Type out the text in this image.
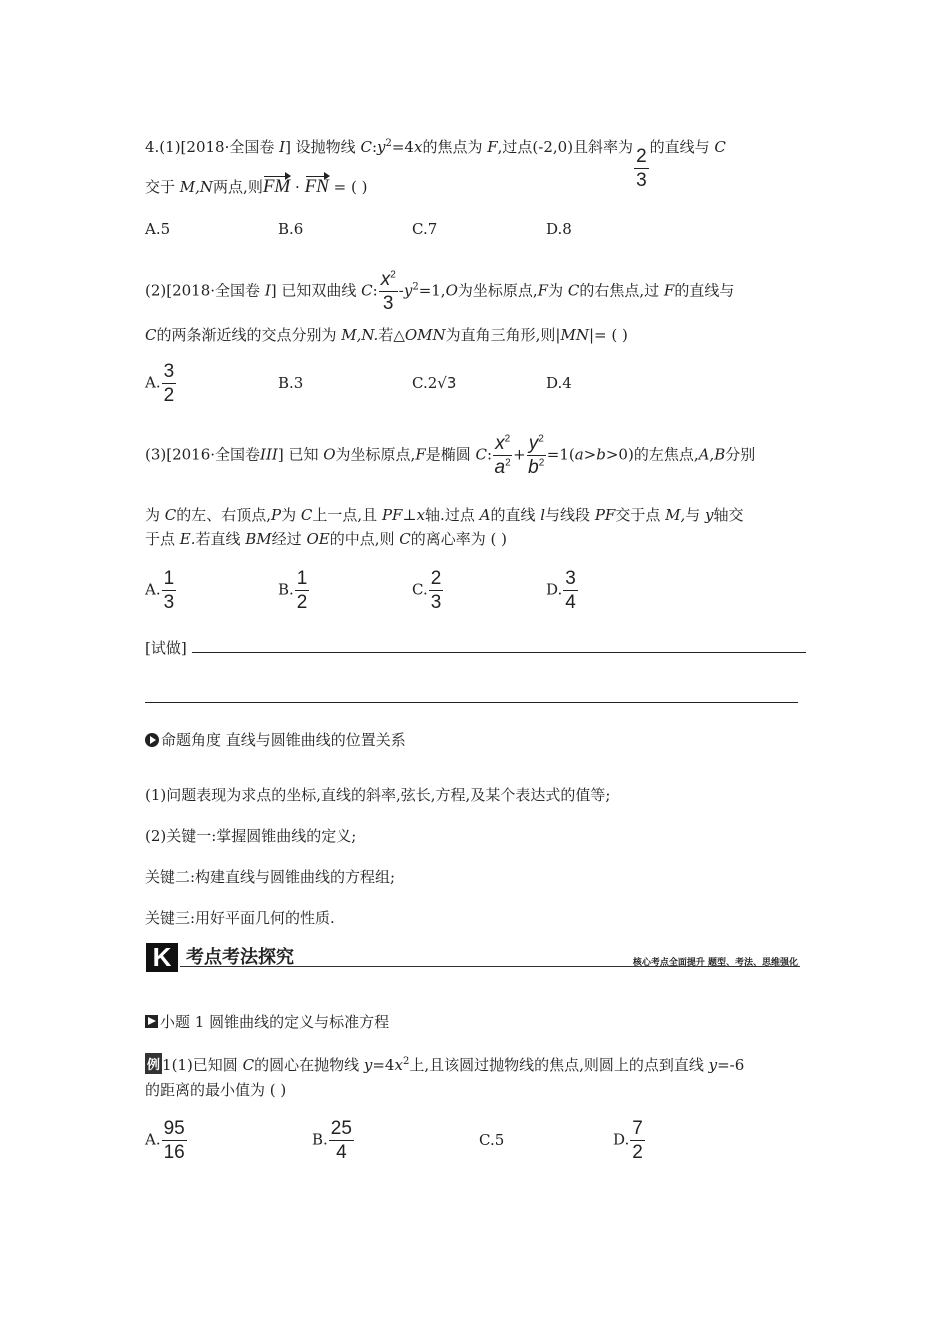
4.(1)[2018·全国卷 I] 设抛物线 $C:y^2=4x$的焦点为 F,过点(-2,0)且斜率为 $\frac{2}{3}$ 的直线与 C
交于 M,N两点,则FM · FN = ( )
A.5	B.6	C.7	D.8
(2)[2018·全国卷 I] 已知双曲线 C: $\frac{x^2}{3} -y^2=1,O$为坐标原点,F为 C的右焦点,过 F的直线与
C的两条渐近线的交点分别为 M,N.若△OMN为直角三角形,则|MN|= ( )
A. $\frac{3}{2}$	B.3	C.2√3	D.4
(3)[2016·全国卷III] 已知 O为坐标原点,F是椭圆 C: $\frac{x^2}{a^2} + \frac{y^2}{b^2} =1(a>b>0)$的左焦点,A,B分别
为 C的左、右顶点,P为 C上一点,且 PF⊥x轴.过点 A的直线 l与线段 PF交于点 M,与 y轴交
于点 E.若直线 BM经过 OE的中点,则 C的离心率为 ( )
A. $\frac{1}{3}$	B. $\frac{1}{2}$	C. $\frac{2}{3}$	D. $\frac{3}{4}$
[试做]
命题角度 直线与圆锥曲线的位置关系
(1)问题表现为求点的坐标,直线的斜率,弦长,方程,及某个表达式的值等;
(2)关键一:掌握圆锥曲线的定义;
关键二:构建直线与圆锥曲线的方程组;
关键三:用好平面几何的性质.
K 考点考法探究	核心考点全面提升 题型、考法、思维强化
小题 1 圆锥曲线的定义与标准方程
例 1(1)已知圆 C的圆心在抛物线 $y=4x^2$上,且该圆过抛物线的焦点,则圆上的点到直线 y=-6
的距离的最小值为 ( )
A. $\frac{95}{16}$	B. $\frac{25}{4}$	C.5	D. $\frac{7}{2}$
